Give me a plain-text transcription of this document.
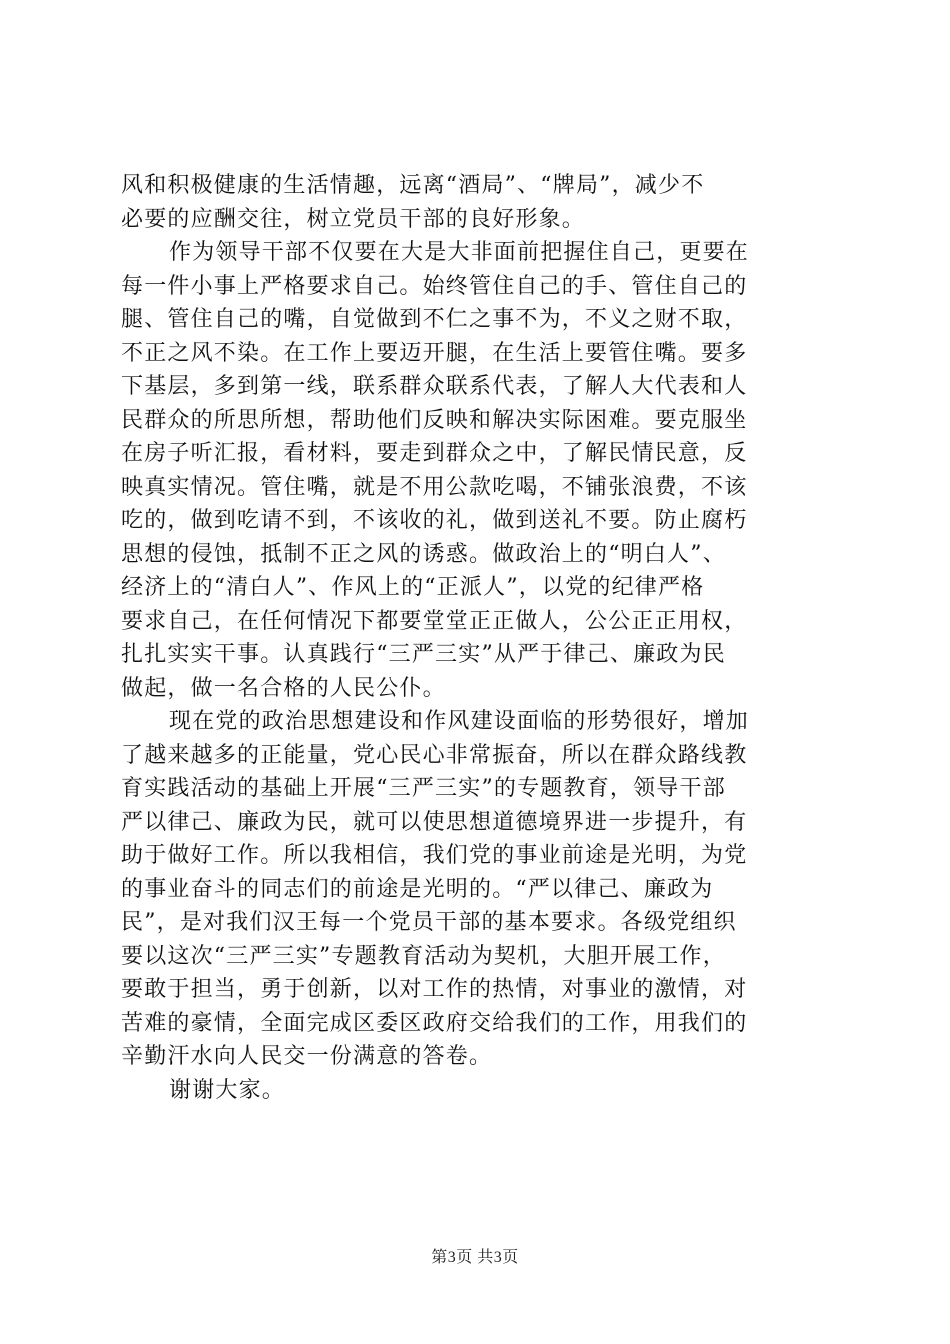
风和积极健康的生活情趣，远离“酒局”、“牌局”，减少不
必要的应酬交往，树立党员干部的良好形象。

作为领导干部不仅要在大是大非面前把握住自己，更要在
每一件小事上严格要求自己。始终管住自己的手、管住自己的
腿、管住自己的嘴，自觉做到不仁之事不为，不义之财不取，
不正之风不染。在工作上要迈开腿，在生活上要管住嘴。要多
下基层，多到第一线，联系群众联系代表，了解人大代表和人
民群众的所思所想，帮助他们反映和解决实际困难。要克服坐
在房子听汇报，看材料，要走到群众之中，了解民情民意，反
映真实情况。管住嘴，就是不用公款吃喝，不铺张浪费，不该
吃的，做到吃请不到，不该收的礼，做到送礼不要。防止腐朽
思想的侵蚀，抵制不正之风的诱惑。做政治上的“明白人”、
经济上的“清白人”、作风上的“正派人”，以党的纪律严格
要求自己，在任何情况下都要堂堂正正做人，公公正正用权，
扎扎实实干事。认真践行“三严三实”从严于律己、廉政为民
做起，做一名合格的人民公仆。

现在党的政治思想建设和作风建设面临的形势很好，增加
了越来越多的正能量，党心民心非常振奋，所以在群众路线教
育实践活动的基础上开展“三严三实”的专题教育，领导干部
严以律己、廉政为民，就可以使思想道德境界进一步提升，有
助于做好工作。所以我相信，我们党的事业前途是光明，为党
的事业奋斗的同志们的前途是光明的。“严以律己、廉政为
民”，是对我们汉王每一个党员干部的基本要求。各级党组织
要以这次“三严三实”专题教育活动为契机，大胆开展工作，
要敢于担当，勇于创新，以对工作的热情，对事业的激情，对
苦难的豪情，全面完成区委区政府交给我们的工作，用我们的
辛勤汗水向人民交一份满意的答卷。

谢谢大家。

第3页 共3页
